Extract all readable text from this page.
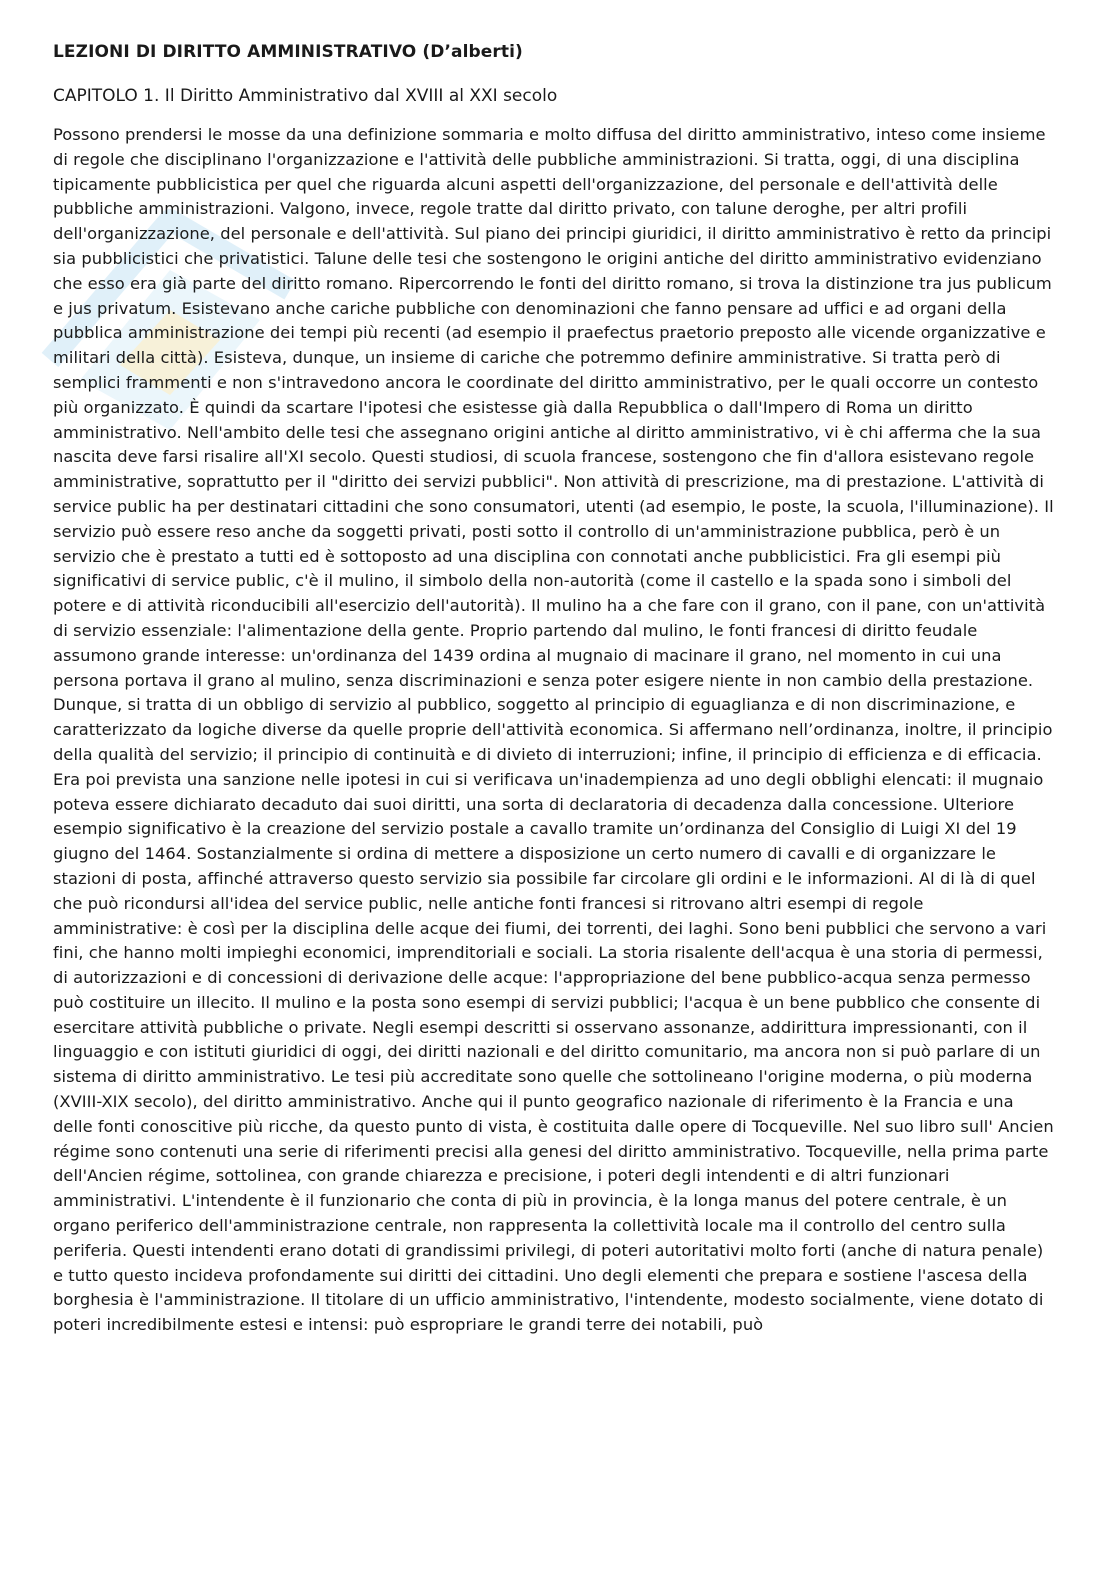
LEZIONI DI DIRITTO AMMINISTRATIVO (D’alberti)
CAPITOLO 1. Il Diritto Amministrativo dal XVIII al XXI secolo

Possono prendersi le mosse da una definizione sommaria e molto diffusa del diritto amministrativo, inteso come insieme di regole che disciplinano l'organizzazione e l'attività delle pubbliche amministrazioni. Si tratta, oggi, di una disciplina tipicamente pubblicistica per quel che riguarda alcuni aspetti dell'organizzazione, del personale e dell'attività delle pubbliche amministrazioni. Valgono, invece, regole tratte dal diritto privato, con talune deroghe, per altri profili dell'organizzazione, del personale e dell'attività. Sul piano dei principi giuridici, il diritto amministrativo è retto da principi sia pubblicistici che privatistici. Talune delle tesi che sostengono le origini antiche del diritto amministrativo evidenziano che esso era già parte del diritto romano. Ripercorrendo le fonti del diritto romano, si trova la distinzione tra jus publicum e jus privatum. Esistevano anche cariche pubbliche con denominazioni che fanno pensare ad uffici e ad organi della pubblica amministrazione dei tempi più recenti (ad esempio il praefectus praetorio preposto alle vicende organizzative e militari della città). Esisteva, dunque, un insieme di cariche che potremmo definire amministrative. Si tratta però di semplici frammenti e non s'intravedono ancora le coordinate del diritto amministrativo, per le quali occorre un contesto più organizzato. È quindi da scartare l'ipotesi che esistesse già dalla Repubblica o dall'Impero di Roma un diritto amministrativo. Nell'ambito delle tesi che assegnano origini antiche al diritto amministrativo, vi è chi afferma che la sua nascita deve farsi risalire all'XI secolo. Questi studiosi, di scuola francese, sostengono che fin d'allora esistevano regole amministrative, soprattutto per il "diritto dei servizi pubblici". Non attività di prescrizione, ma di prestazione. L'attività di service public ha per destinatari cittadini che sono consumatori, utenti (ad esempio, le poste, la scuola, l'illuminazione). Il servizio può essere reso anche da soggetti privati, posti sotto il controllo di un'amministrazione pubblica, però è un servizio che è prestato a tutti ed è sottoposto ad una disciplina con connotati anche pubblicistici. Fra gli esempi più significativi di service public, c'è il mulino, il simbolo della non-autorità (come il castello e la spada sono i simboli del potere e di attività riconducibili all'esercizio dell'autorità). Il mulino ha a che fare con il grano, con il pane, con un'attività di servizio essenziale: l'alimentazione della gente. Proprio partendo dal mulino, le fonti francesi di diritto feudale assumono grande interesse: un'ordinanza del 1439 ordina al mugnaio di macinare il grano, nel momento in cui una persona portava il grano al mulino, senza discriminazioni e senza poter esigere niente in non cambio della prestazione. Dunque, si tratta di un obbligo di servizio al pubblico, soggetto al principio di eguaglianza e di non discriminazione, e caratterizzato da logiche diverse da quelle proprie dell'attività economica. Si affermano nell’ordinanza, inoltre, il principio della qualità del servizio; il principio di continuità e di divieto di interruzioni; infine, il principio di efficienza e di efficacia. Era poi prevista una sanzione nelle ipotesi in cui si verificava un'inadempienza ad uno degli obblighi elencati: il mugnaio poteva essere dichiarato decaduto dai suoi diritti, una sorta di declaratoria di decadenza dalla concessione. Ulteriore esempio significativo è la creazione del servizio postale a cavallo tramite un’ordinanza del Consiglio di Luigi XI del 19 giugno del 1464. Sostanzialmente si ordina di mettere a disposizione un certo numero di cavalli e di organizzare le stazioni di posta, affinché attraverso questo servizio sia possibile far circolare gli ordini e le informazioni. Al di là di quel che può ricondursi all'idea del service public, nelle antiche fonti francesi si ritrovano altri esempi di regole amministrative: è così per la disciplina delle acque dei fiumi, dei torrenti, dei laghi. Sono beni pubblici che servono a vari fini, che hanno molti impieghi economici, imprenditoriali e sociali. La storia risalente dell'acqua è una storia di permessi, di autorizzazioni e di concessioni di derivazione delle acque: l'appropriazione del bene pubblico-acqua senza permesso può costituire un illecito. Il mulino e la posta sono esempi di servizi pubblici; l'acqua è un bene pubblico che consente di esercitare attività pubbliche o private. Negli esempi descritti si osservano assonanze, addirittura impressionanti, con il linguaggio e con istituti giuridici di oggi, dei diritti nazionali e del diritto comunitario, ma ancora non si può parlare di un sistema di diritto amministrativo. Le tesi più accreditate sono quelle che sottolineano l'origine moderna, o più moderna (XVIII-XIX secolo), del diritto amministrativo. Anche qui il punto geografico nazionale di riferimento è la Francia e una delle fonti conoscitive più ricche, da questo punto di vista, è costituita dalle opere di Tocqueville. Nel suo libro sull' Ancien régime sono contenuti una serie di riferimenti precisi alla genesi del diritto amministrativo. Tocqueville, nella prima parte dell'Ancien régime, sottolinea, con grande chiarezza e precisione, i poteri degli intendenti e di altri funzionari amministrativi. L'intendente è il funzionario che conta di più in provincia, è la longa manus del potere centrale, è un organo periferico dell'amministrazione centrale, non rappresenta la collettività locale ma il controllo del centro sulla periferia. Questi intendenti erano dotati di grandissimi privilegi, di poteri autoritativi molto forti (anche di natura penale) e tutto questo incideva profondamente sui diritti dei cittadini. Uno degli elementi che prepara e sostiene l'ascesa della borghesia è l'amministrazione. Il titolare di un ufficio amministrativo, l'intendente, modesto socialmente, viene dotato di poteri incredibilmente estesi e intensi: può espropriare le grandi terre dei notabili, può
